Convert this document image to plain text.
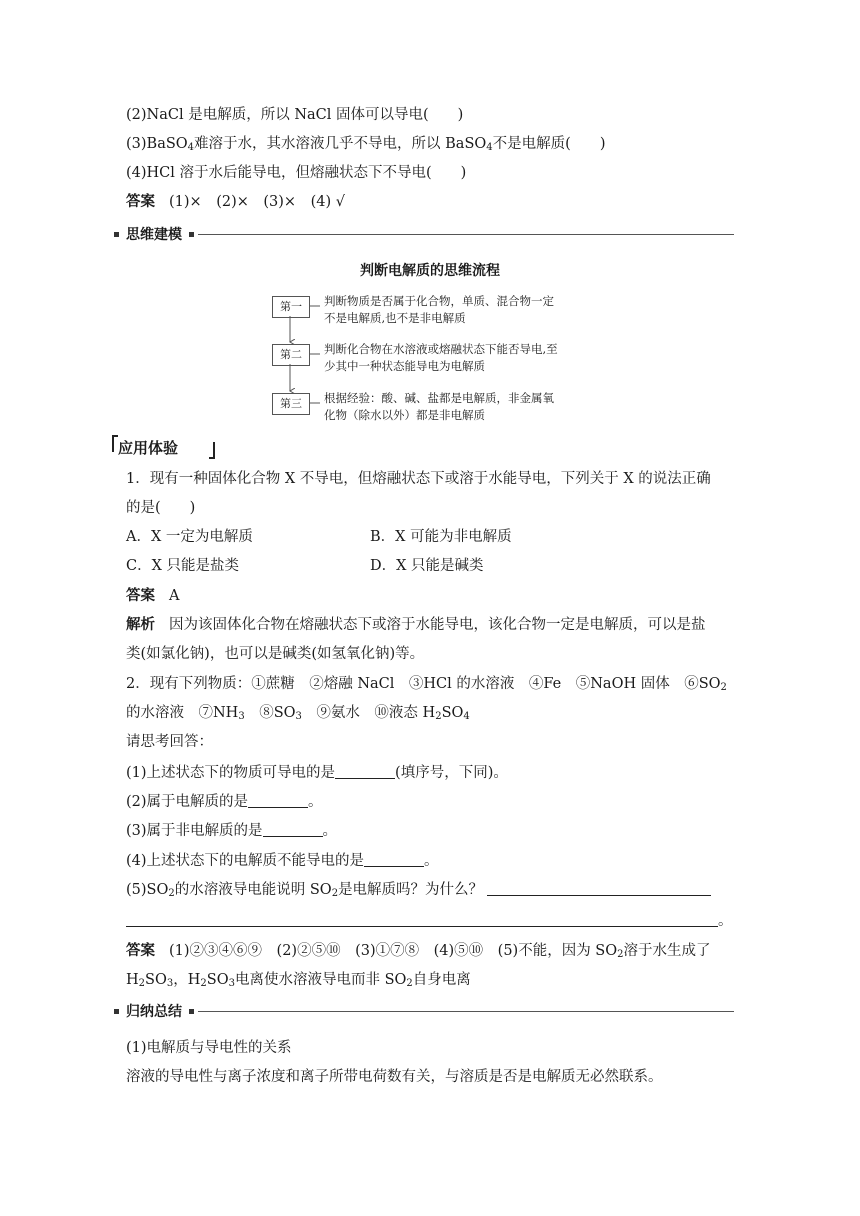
(2)NaCl 是电解质，所以 NaCl 固体可以导电(　　)
(3)BaSO$_4$难溶于水，其水溶液几乎不导电，所以 BaSO$_4$不是电解质(　　)
(4)HCl 溶于水后能导电，但熔融状态下不导电(　　)
答案 (1)×　(2)×　(3)×　(4) √
思维建模
判断电解质的思维流程
第一	判断物质是否属于化合物，单质、混合物一定
不是电解质,也不是非电解质
第二	判断化合物在水溶液或熔融状态下能否导电,至
少其中一种状态能导电为电解质
第三	根据经验：酸、碱、盐都是电解质，非金属氧
化物（除水以外）都是非电解质
应用体验
1．现有一种固体化合物 X 不导电，但熔融状态下或溶于水能导电，下列关于 X 的说法正确
的是(　　)
A．X 一定为电解质	B．X 可能为非电解质
C．X 只能是盐类	D．X 只能是碱类
答案 A
解析 因为该固体化合物在熔融状态下或溶于水能导电，该化合物一定是电解质，可以是盐
类(如氯化钠)，也可以是碱类(如氢氧化钠)等。
2．现有下列物质：①蔗糖　②熔融 NaCl　③HCl 的水溶液　④Fe　⑤NaOH 固体　$⑥SO_2$
的水溶液　$⑦NH_3$　$⑧SO_3$　⑨氨水　⑩液态 $H_2SO_4$
请思考回答：
(1)上述状态下的物质可导电的是	(填序号，下同)。
(2)属于电解质的是	。
(3)属于非电解质的是	。
(4)上述状态下的电解质不能导电的是	。
$(5)SO_2$的水溶液导电能说明 $SO_2$是电解质吗？为什么？
。
答案 (1)②③④⑥⑨　(2)②⑤⑩　(3)①⑦⑧　(4)⑤⑩　(5)不能，因为 $SO_2$溶于水生成了
$H_2SO_3$，$H_2SO_3$电离使水溶液导电而非 $SO_2$自身电离
归纳总结
(1)电解质与导电性的关系
溶液的导电性与离子浓度和离子所带电荷数有关，与溶质是否是电解质无必然联系。
